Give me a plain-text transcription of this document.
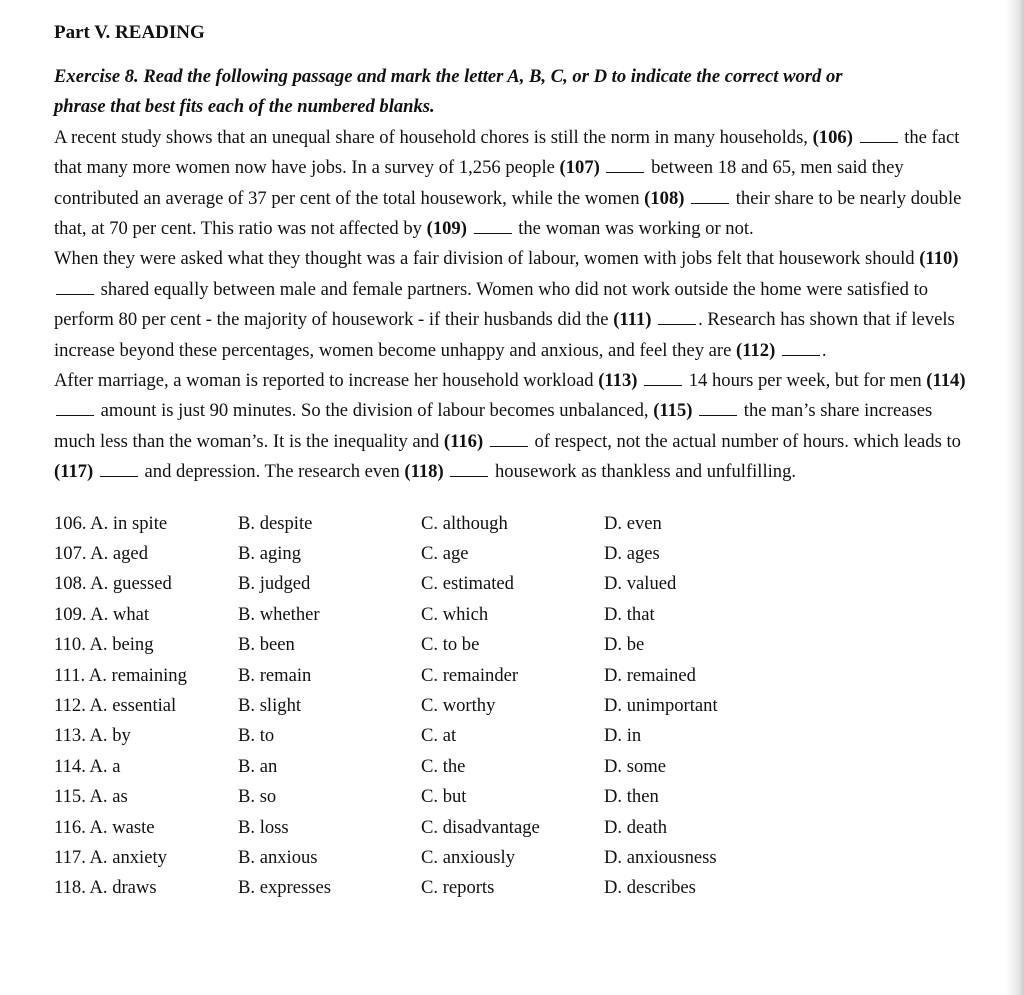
Part V. READING
Exercise 8. Read the following passage and mark the letter A, B, C, or D to indicate the correct word or
phrase that best fits each of the numbered blanks.
A recent study shows that an unequal share of household chores is still the norm in many households, (106)	the fact that many more women now have jobs. In a survey of 1,256 people (107)	between 18 and 65, men said they contributed an average of 37 per cent of the total housework, while the women (108)	their share to be nearly double that, at 70 per cent. This ratio was not affected by (109)	the woman was working or not.
When they were asked what they thought was a fair division of labour, women with jobs felt that housework should (110)  shared equally between male and female partners. Women who did not work outside the home were satisfied to perform 80 per cent - the majority of housework - if their husbands did the (111)	. Research has shown that if levels increase beyond these percentages, women become unhappy and anxious, and feel they are (112)	.
After marriage, a woman is reported to increase her household workload (113)	14 hours per week, but for men (114)  amount is just 90 minutes. So the division of labour becomes unbalanced, (115)	the man’s share increases much less than the woman’s. It is the inequality and (116)	of respect, not the actual number of hours. which leads to (117)	and depression. The research even (118)	housework as thankless and unfulfilling.
106. A. in spite	B. despite	C. although	D. even
107. A. aged	B. aging	C. age	D. ages
108. A. guessed	B. judged	C. estimated	D. valued
109. A. what	B. whether	C. which	D. that
110. A. being	B. been	C. to be	D. be
111. A. remaining	B. remain	C. remainder	D. remained
112. A. essential	B. slight	C. worthy	D. unimportant
113. A. by	B. to	C. at	D. in
114. A. a	B. an	C. the	D. some
115. A. as	B. so	C. but	D. then
116. A. waste	B. loss	C. disadvantage	D. death
117. A. anxiety	B. anxious	C. anxiously	D. anxiousness
118. A. draws	B. expresses	C. reports	D. describes
